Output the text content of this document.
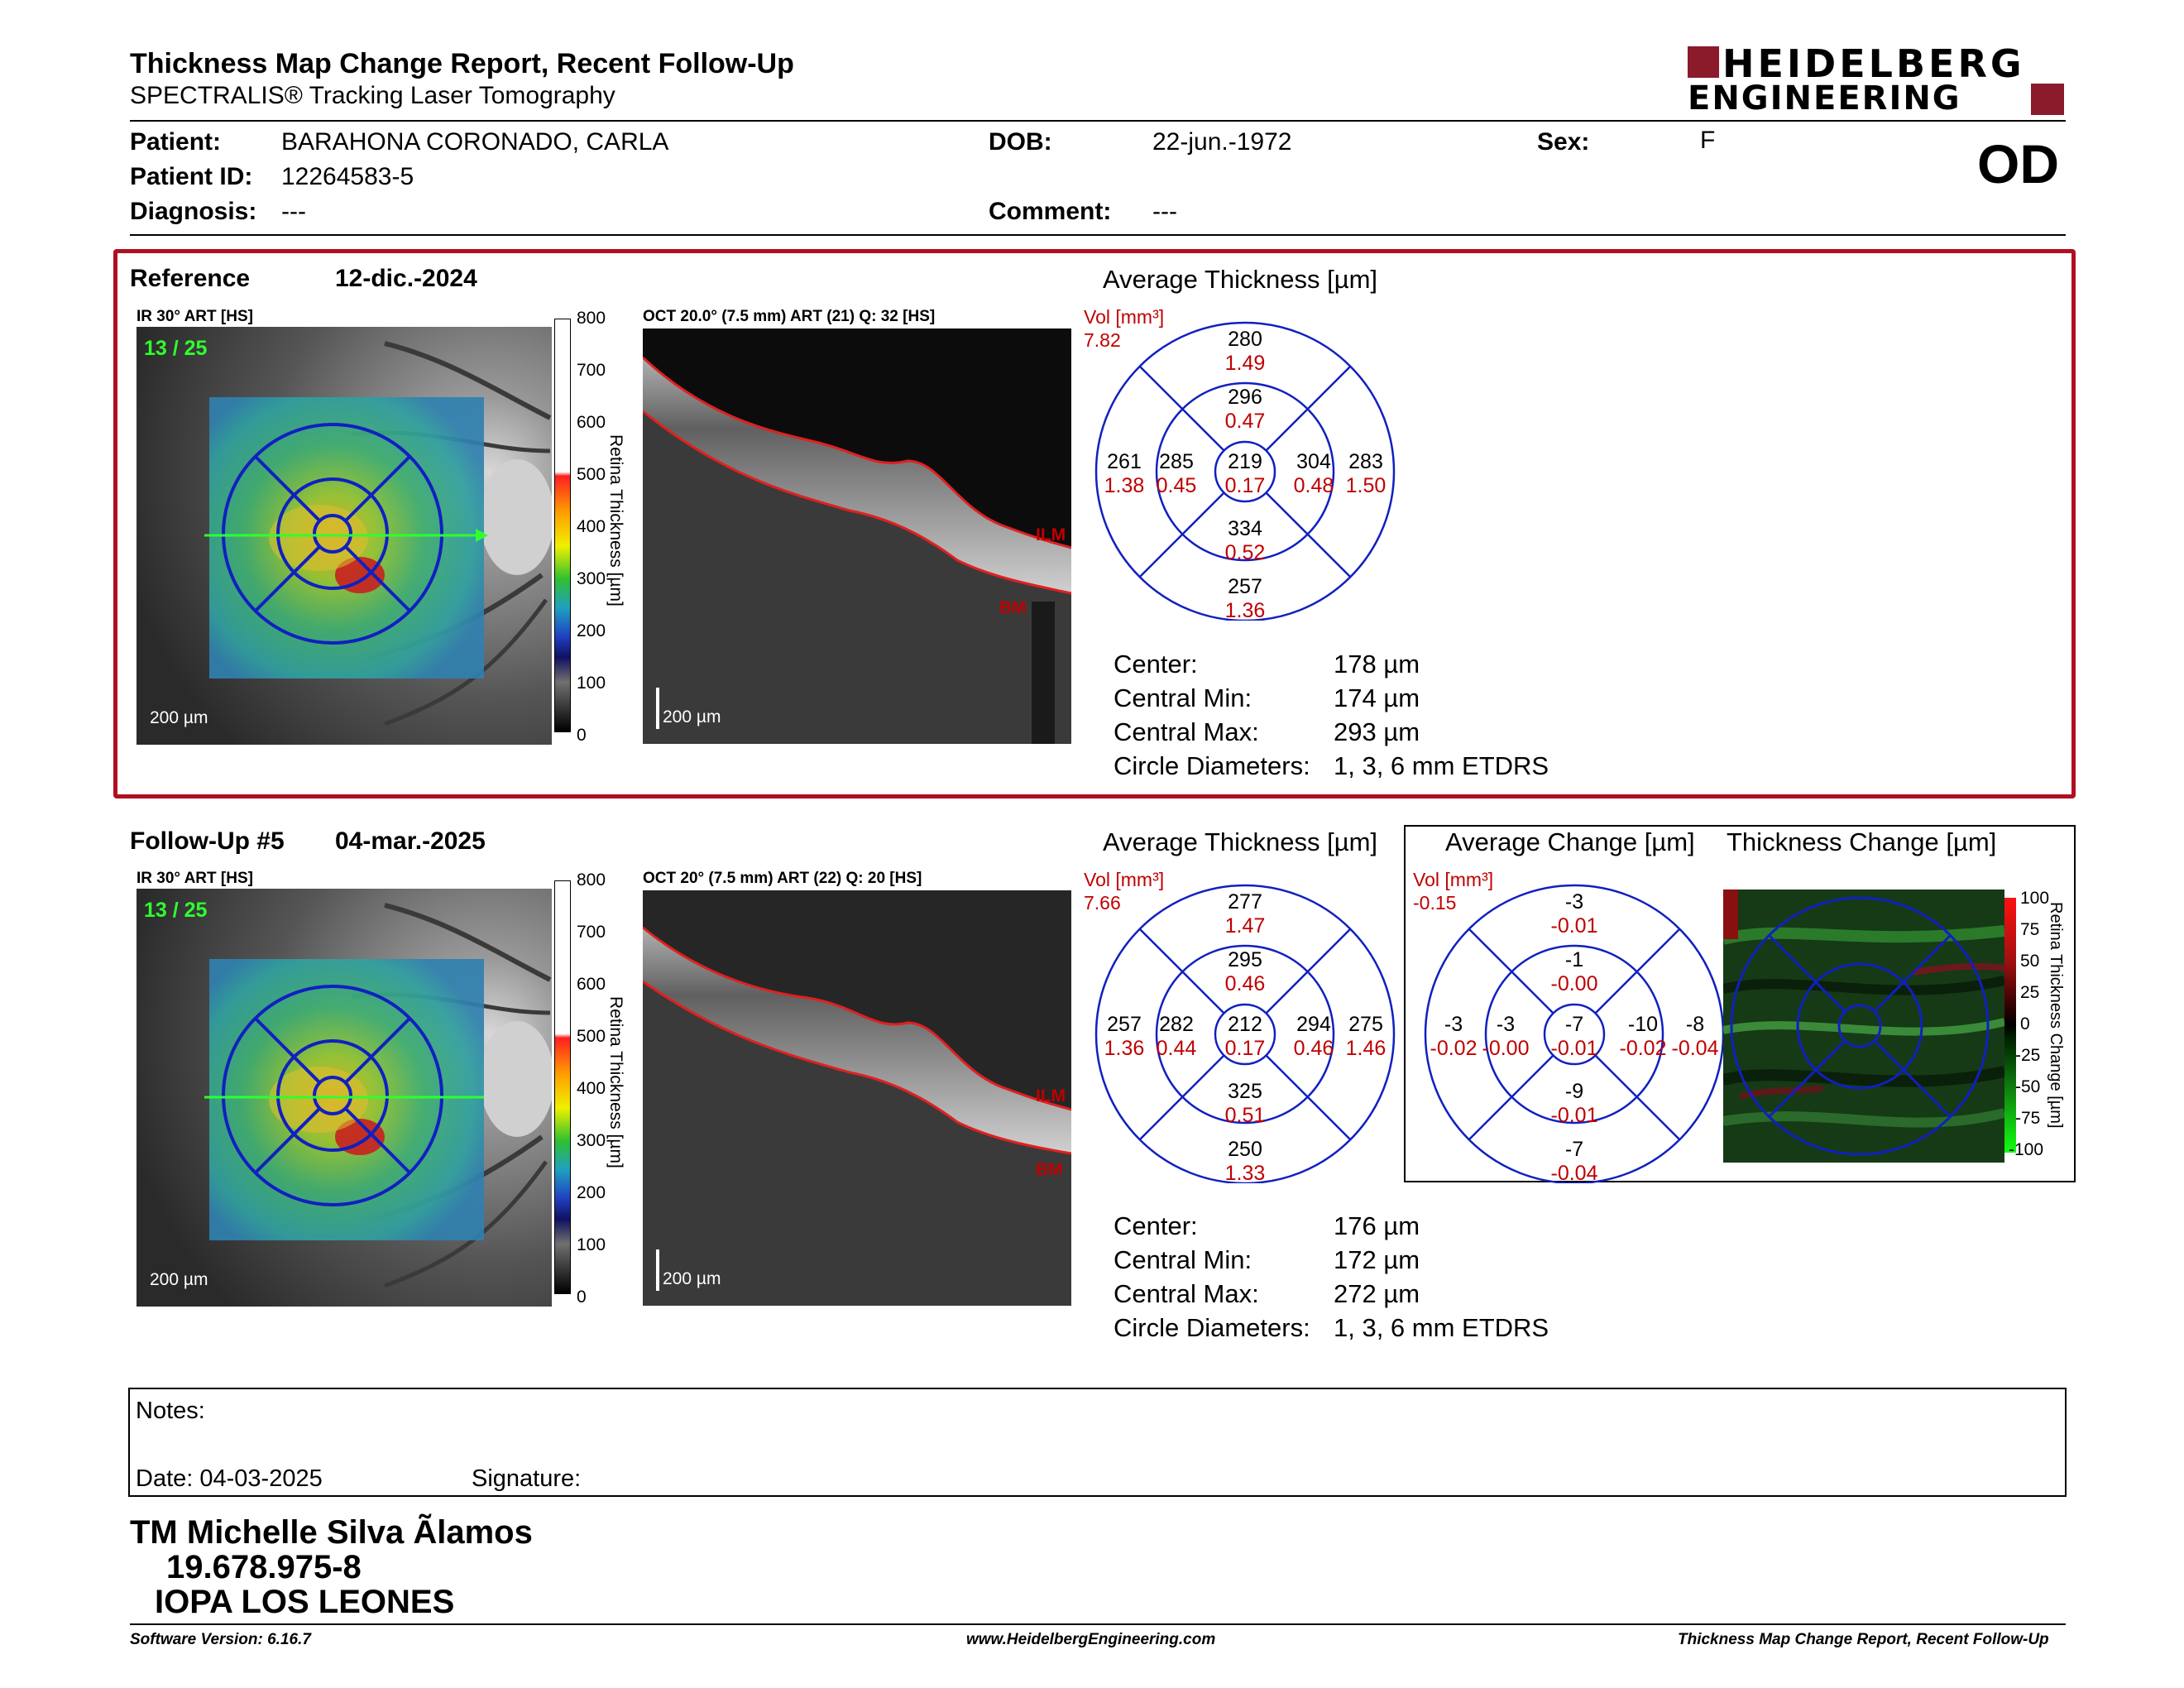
Thickness Map Change Report, Recent Follow-Up
SPECTRALIS® Tracking Laser Tomography
HEIDELBERG
ENGINEERING
Patient: BARAHONA CORONADO, CARLA
Patient ID: 12264583-5
Diagnosis: ---
DOB:	22-jun.-1972
Comment: ---
Sex:	F	OD
Reference	12-dic.-2024
IR 30° ART [HS]
13 / 25
200 µm
800
700
600
500
400
300
200
100
0
Retina Thickness [µm]
OCT 20.0° (7.5 mm) ART (21) Q: 32 [HS]
ILM
BM
200 µm
Average Thickness [µm]
280
1.49
296
0.47
261
1.38
285
0.45
219
0.17
304
0.48
283
1.50
334
0.52
257
1.36
Vol [mm³]
7.82
Center:	178 µm
Central Min:	174 µm
Central Max:	293 µm
Circle Diameters: 1, 3, 6 mm ETDRS
Follow-Up #5 04-mar.-2025
IR 30° ART [HS]
13 / 25
200 µm
800
700
600
500
400
300
200
100
0
Retina Thickness [µm]
OCT 20° (7.5 mm) ART (22) Q: 20 [HS]
ILM
BM
200 µm
Average Thickness [µm]
277
1.47
295
0.46
257
1.36
282
0.44
212
0.17
294
0.46
275
1.46
325
0.51
250
1.33
Vol [mm³]
7.66
Center:	176 µm
Central Min:	172 µm
Central Max:	272 µm
Circle Diameters: 1, 3, 6 mm ETDRS
Average Change [µm] Thickness Change [µm]
-3
-0.01
-1
-0.00
-3
-0.02
-3
-0.00
-7
-0.01
-10
-0.02
-8
-0.04
-9
-0.01
-7
-0.04
Vol [mm³]
-0.15	100
75
50
25
0
-25
-50
-75
-100
Retina Thickness Change [µm]
Notes:
Date: 04-03-2025	Signature:
TM Michelle Silva Ãlamos
19.678.975-8
IOPA LOS LEONES
Software Version: 6.16.7	www.HeidelbergEngineering.com	Thickness Map Change Report, Recent Follow-Up
